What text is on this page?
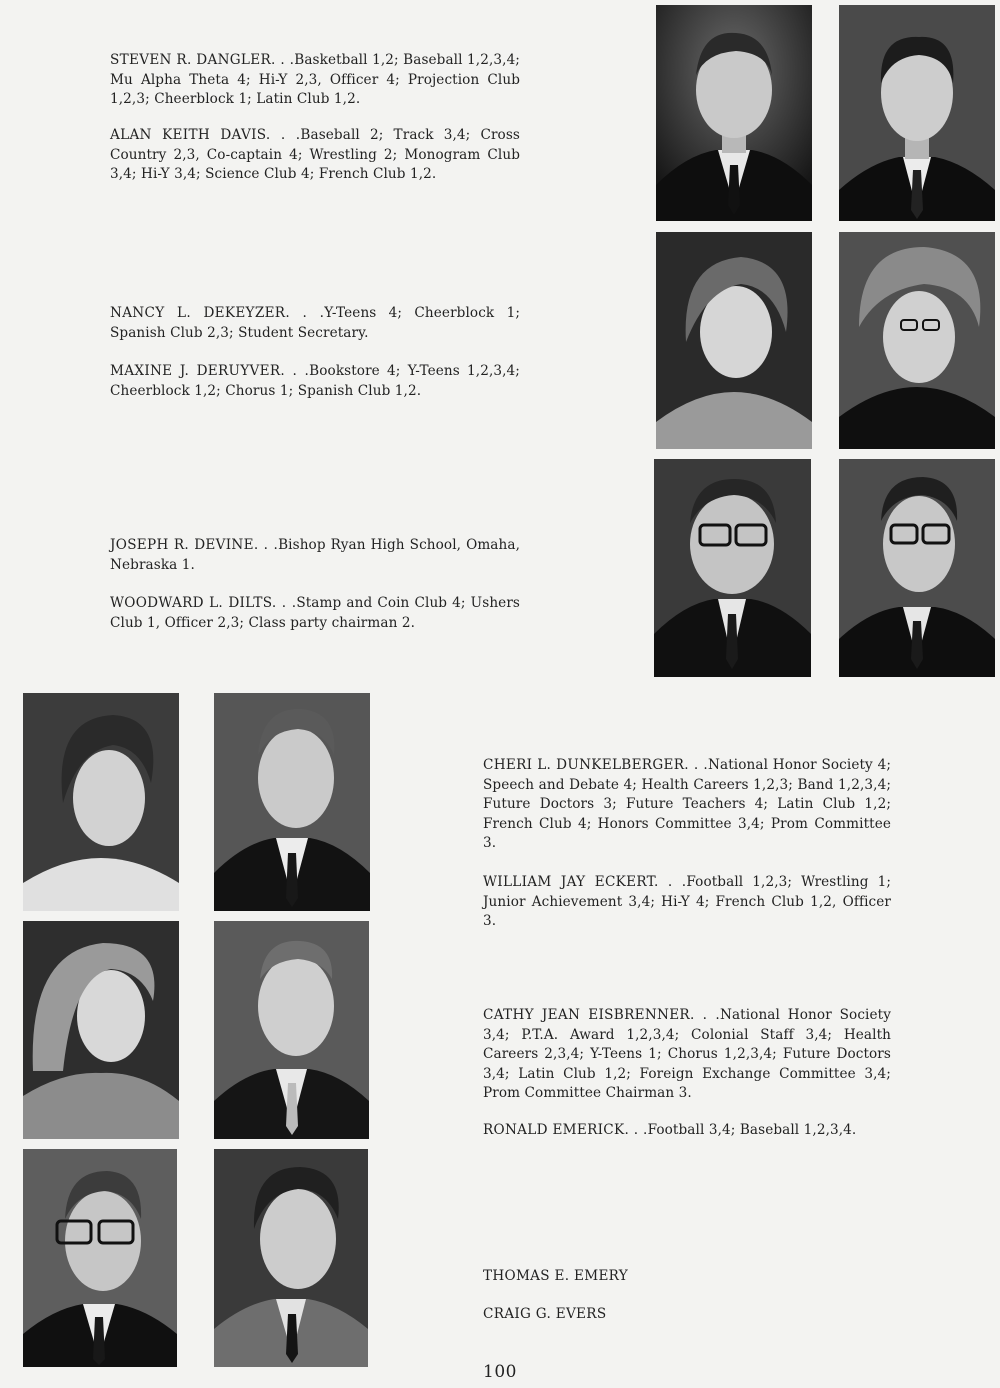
STEVEN R. DANGLER. . .Basketball 1,2; Baseball 1,2,3,4; Mu Alpha Theta 4; Hi-Y 2,3, Officer 4; Projection Club 1,2,3; Cheerblock 1; Latin Club 1,2.
ALAN KEITH DAVIS. . .Baseball 2; Track 3,4; Cross Country 2,3, Co-captain 4; Wrestling 2; Monogram Club 3,4; Hi-Y 3,4; Science Club 4; French Club 1,2.
NANCY L. DEKEYZER. . .Y-Teens 4; Cheerblock 1; Spanish Club 2,3; Student Secretary.
MAXINE J. DERUYVER. . .Bookstore 4; Y-Teens 1,2,3,4; Cheerblock 1,2; Chorus 1; Spanish Club 1,2.
JOSEPH R. DEVINE. . .Bishop Ryan High School, Omaha, Nebraska 1.
WOODWARD L. DILTS. . .Stamp and Coin Club 4; Ushers Club 1, Officer 2,3; Class party chairman 2.
CHERI L. DUNKELBERGER. . .National Honor Society 4; Speech and Debate 4; Health Careers 1,2,3; Band 1,2,3,4; Future Doctors 3; Future Teachers 4; Latin Club 1,2; French Club 4; Honors Committee 3,4; Prom Committee 3.
WILLIAM JAY ECKERT. . .Football 1,2,3; Wrestling 1; Junior Achievement 3,4; Hi-Y 4; French Club 1,2, Officer 3.
CATHY JEAN EISBRENNER. . .National Honor Society 3,4; P.T.A. Award 1,2,3,4; Colonial Staff 3,4; Health Careers 2,3,4; Y-Teens 1; Chorus 1,2,3,4; Future Doctors 3,4; Latin Club 1,2; Foreign Exchange Committee 3,4; Prom Committee Chairman 3.
RONALD EMERICK. . .Football 3,4; Baseball 1,2,3,4.
THOMAS E. EMERY
CRAIG G. EVERS
100
